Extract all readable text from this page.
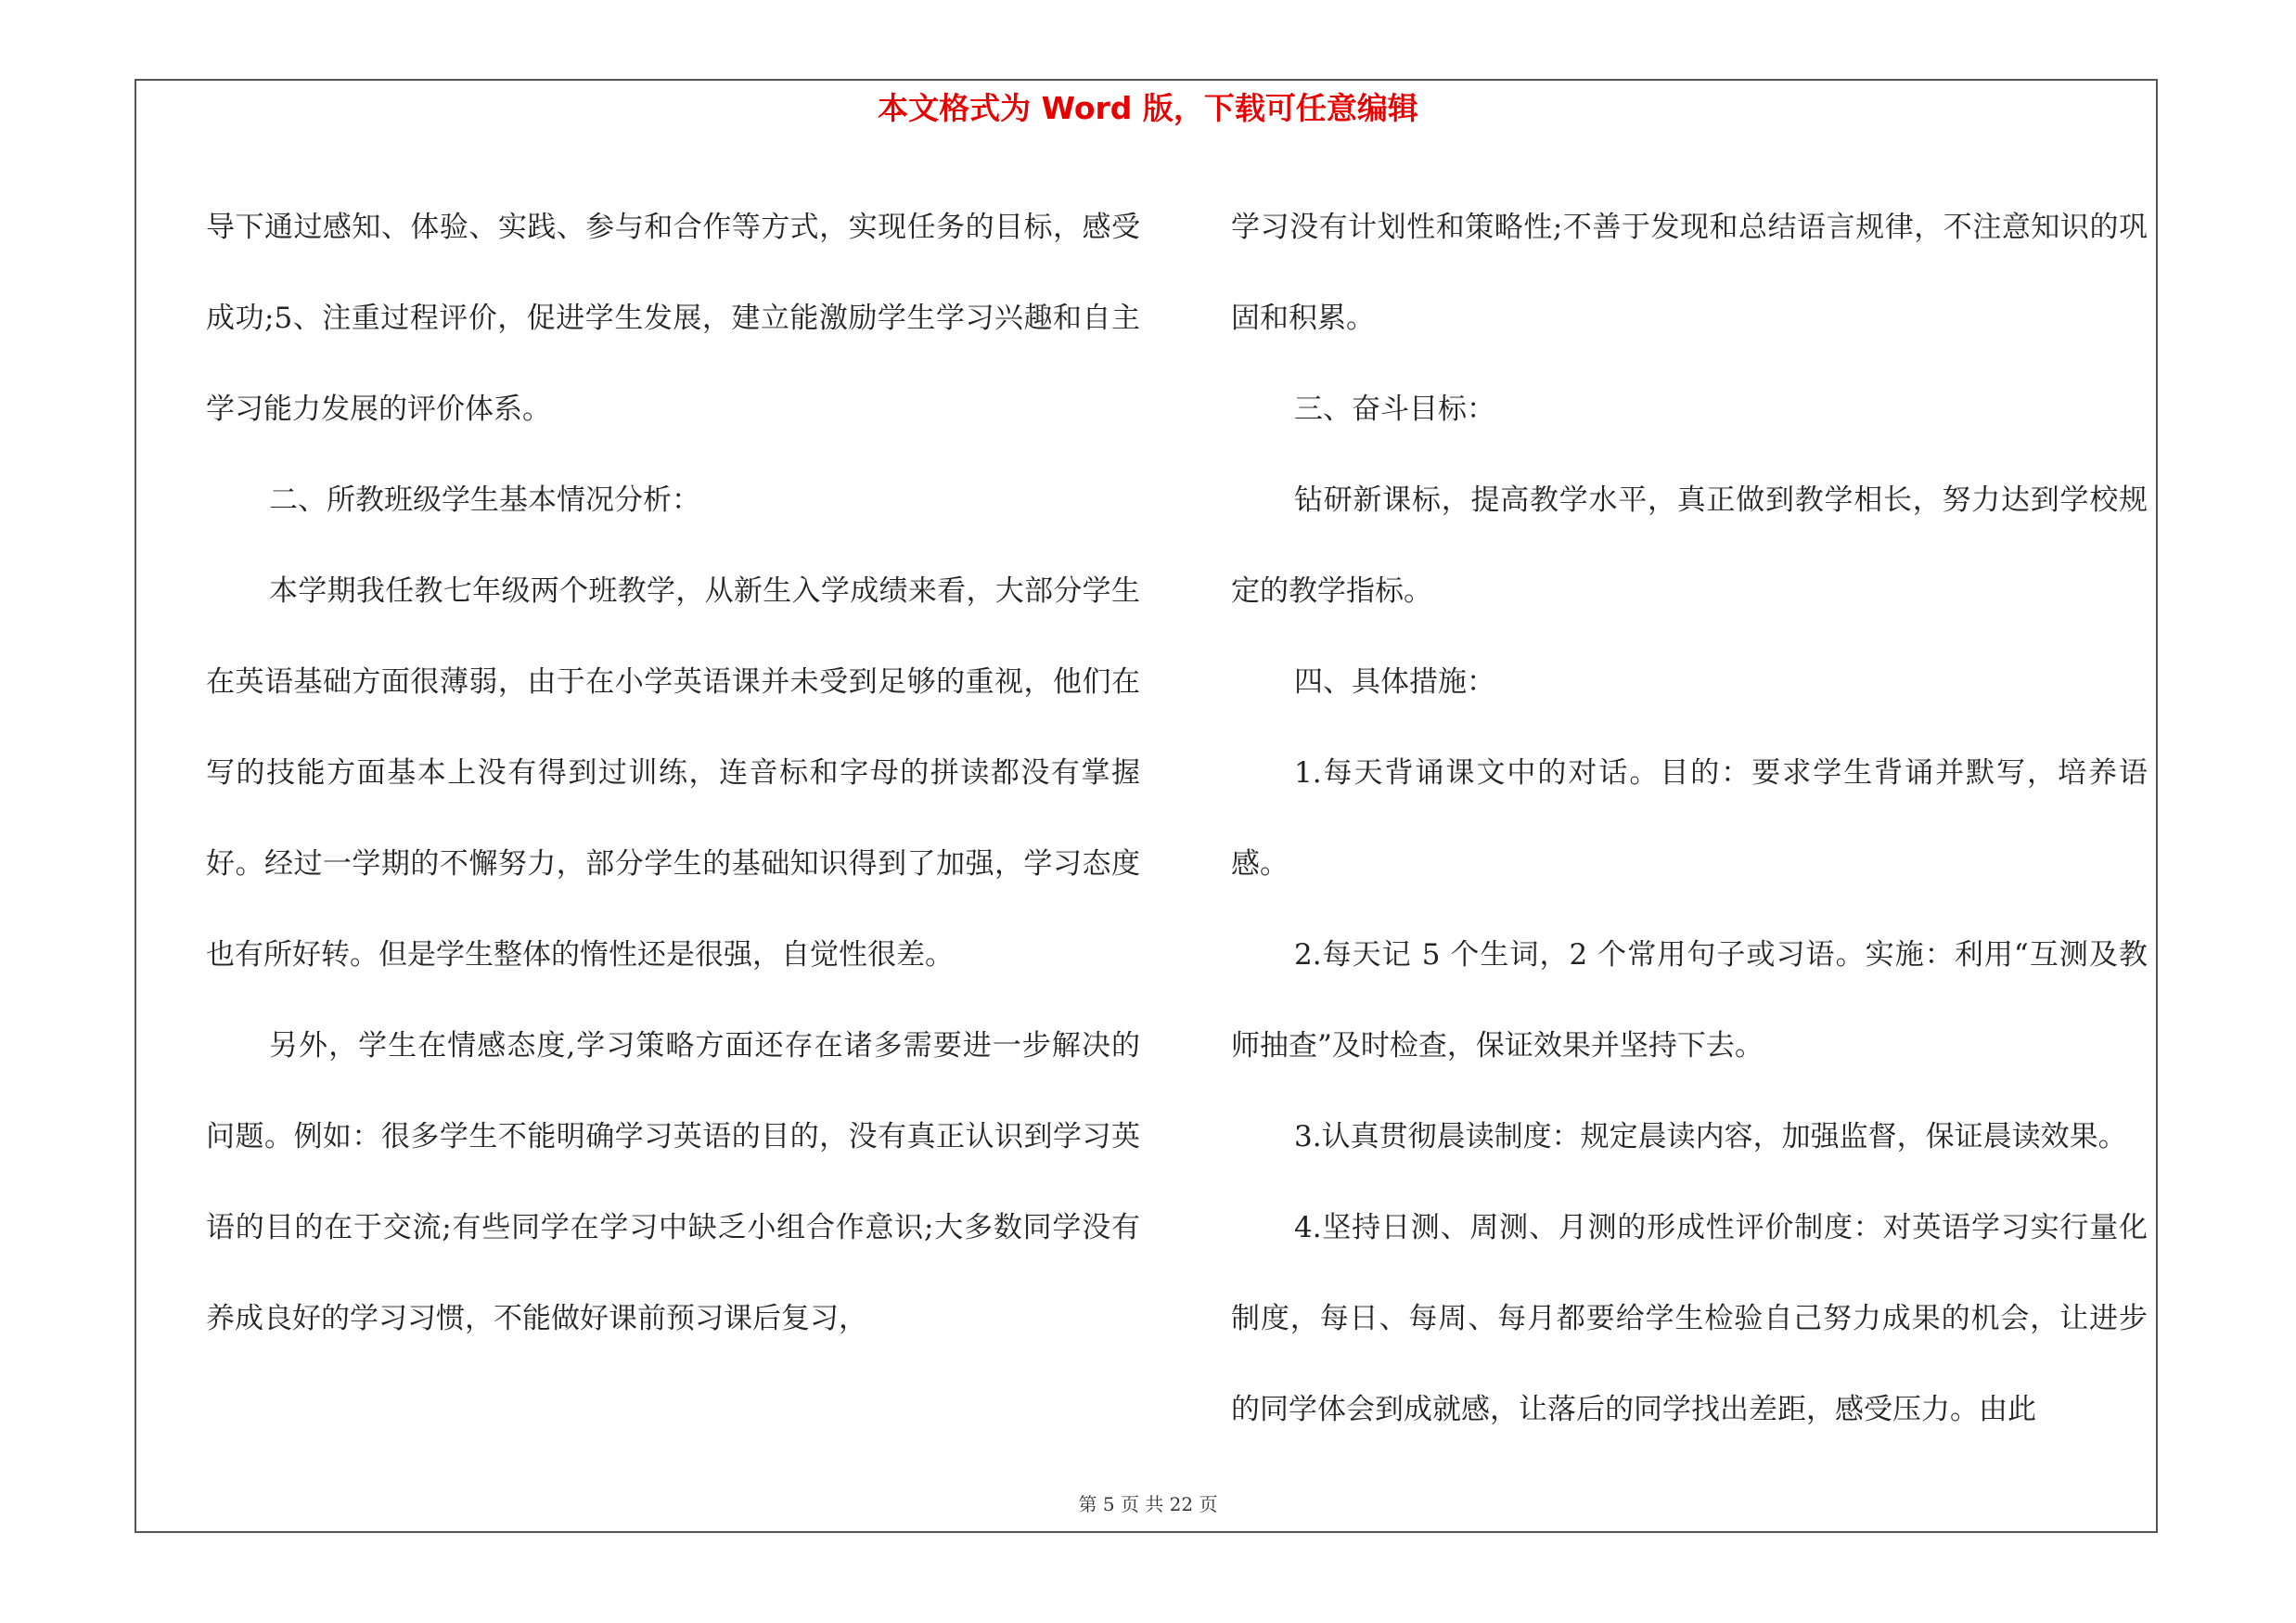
本文格式为 Word 版，下载可任意编辑

导下通过感知、体验、实践、参与和合作等方式，实现任务的目标，感受成功;5、注重过程评价，促进学生发展，建立能激励学生学习兴趣和自主学习能力发展的评价体系。

二、所教班级学生基本情况分析：

本学期我任教七年级两个班教学，从新生入学成绩来看，大部分学生在英语基础方面很薄弱，由于在小学英语课并未受到足够的重视，他们在写的技能方面基本上没有得到过训练，连音标和字母的拼读都没有掌握好。经过一学期的不懈努力，部分学生的基础知识得到了加强，学习态度也有所好转。但是学生整体的惰性还是很强，自觉性很差。

另外，学生在情感态度,学习策略方面还存在诸多需要进一步解决的问题。例如：很多学生不能明确学习英语的目的，没有真正认识到学习英语的目的在于交流;有些同学在学习中缺乏小组合作意识;大多数同学没有养成良好的学习习惯，不能做好课前预习课后复习，

学习没有计划性和策略性;不善于发现和总结语言规律，不注意知识的巩固和积累。

三、奋斗目标：

钻研新课标，提高教学水平，真正做到教学相长，努力达到学校规定的教学指标。

四、具体措施：

1.每天背诵课文中的对话。目的：要求学生背诵并默写，培养语感。

2.每天记 5 个生词，2 个常用句子或习语。实施：利用“互测及教师抽查”及时检查，保证效果并坚持下去。

3.认真贯彻晨读制度：规定晨读内容，加强监督，保证晨读效果。

4.坚持日测、周测、月测的形成性评价制度：对英语学习实行量化制度，每日、每周、每月都要给学生检验自己努力成果的机会，让进步的同学体会到成就感，让落后的同学找出差距，感受压力。由此

第 5 页 共 22 页
